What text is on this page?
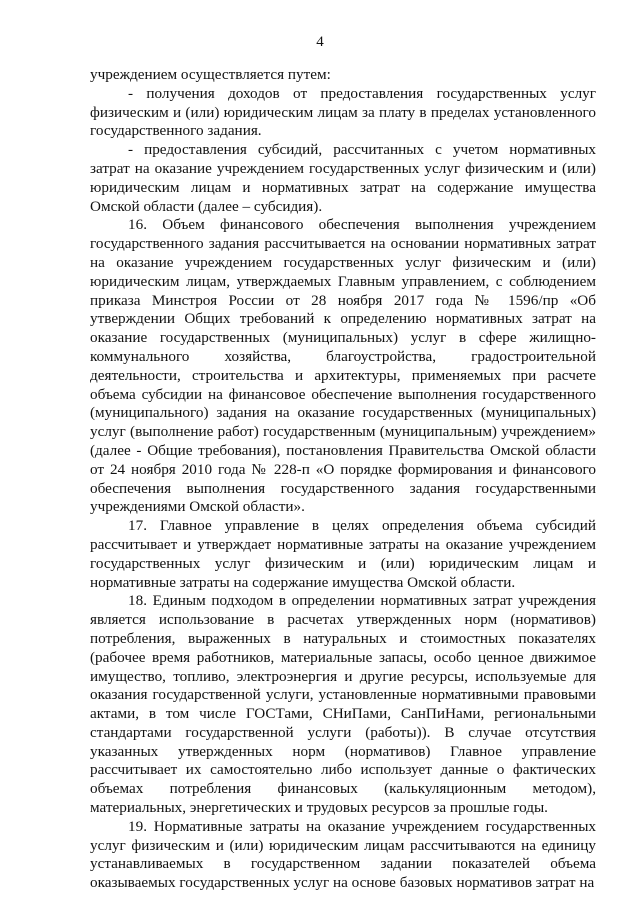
4

учреждением осуществляется путем:

- получения доходов от предоставления государственных услуг физическим и (или) юридическим лицам за плату в пределах установленного государственного задания.

- предоставления субсидий, рассчитанных с учетом нормативных затрат на оказание учреждением государственных услуг физическим и (или) юридическим лицам и нормативных затрат на содержание имущества Омской области (далее – субсидия).

16. Объем финансового обеспечения выполнения учреждением государственного задания рассчитывается на основании нормативных затрат на оказание учреждением государственных услуг физическим и (или) юридическим лицам, утверждаемых Главным управлением, с соблюдением приказа Минстроя России от 28 ноября 2017 года № 1596/пр «Об утверждении Общих требований к определению нормативных затрат на оказание государственных (муниципальных) услуг в сфере жилищно-коммунального хозяйства, благоустройства, градостроительной деятельности, строительства и архитектуры, применяемых при расчете объема субсидии на финансовое обеспечение выполнения государственного (муниципального) задания на оказание государственных (муниципальных) услуг (выполнение работ) государственным (муниципальным) учреждением» (далее - Общие требования), постановления Правительства Омской области от 24 ноября 2010 года № 228-п «О порядке формирования и финансового обеспечения выполнения государственного задания государственными учреждениями Омской области».

17. Главное управление в целях определения объема субсидий рассчитывает и утверждает нормативные затраты на оказание учреждением государственных услуг физическим и (или) юридическим лицам и нормативные затраты на содержание имущества Омской области.

18. Единым подходом в определении нормативных затрат учреждения является использование в расчетах утвержденных норм (нормативов) потребления, выраженных в натуральных и стоимостных показателях (рабочее время работников, материальные запасы, особо ценное движимое имущество, топливо, электроэнергия и другие ресурсы, используемые для оказания государственной услуги, установленные нормативными правовыми актами, в том числе ГОСТами, СНиПами, СанПиНами, региональными стандартами государственной услуги (работы)). В случае отсутствия указанных утвержденных норм (нормативов) Главное управление рассчитывает их самостоятельно либо использует данные о фактических объемах потребления финансовых (калькуляционным методом), материальных, энергетических и трудовых ресурсов за прошлые годы.

19. Нормативные затраты на оказание учреждением государственных услуг физическим и (или) юридическим лицам рассчитываются на единицу устанавливаемых в государственном задании показателей объема оказываемых государственных услуг на основе базовых нормативов затрат на
